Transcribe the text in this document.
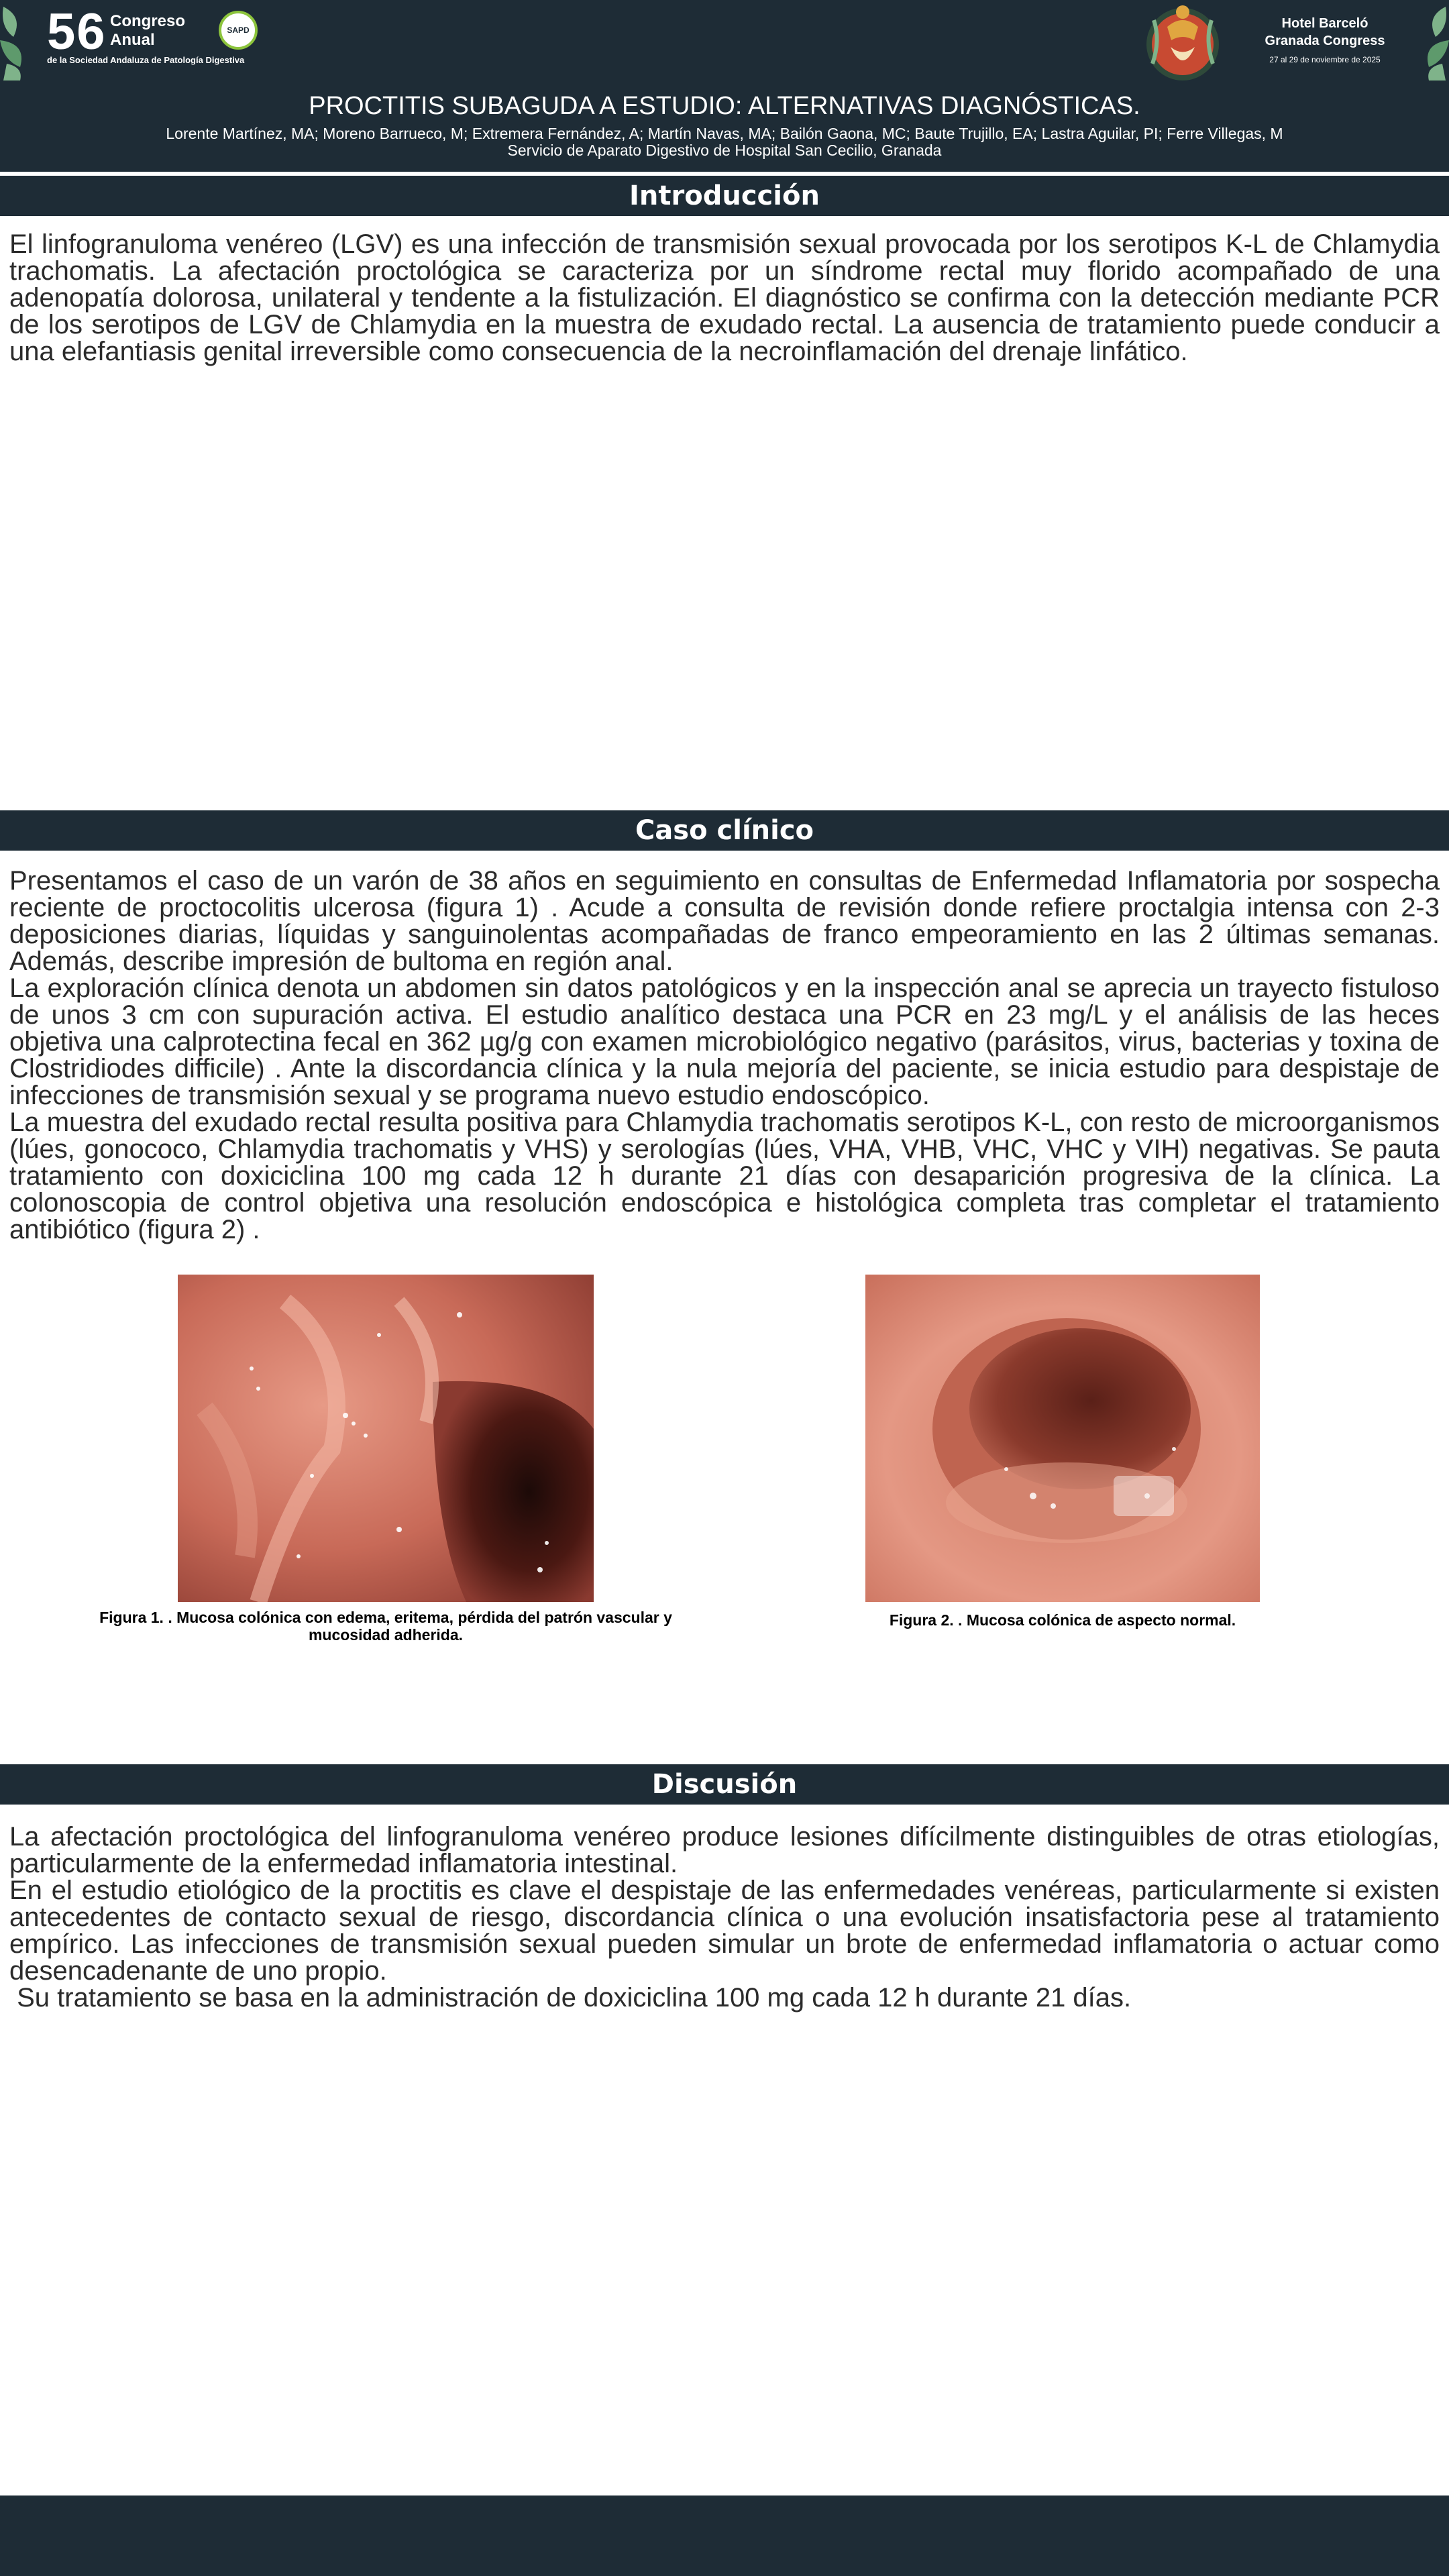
56 Congreso
Anual
de la Sociedad Andaluza de Patología Digestiva
SAPD	Hotel Barceló
Granada Congress
27 al 29 de noviembre de 2025
PROCTITIS SUBAGUDA A ESTUDIO: ALTERNATIVAS DIAGNÓSTICAS.
Lorente Martínez, MA; Moreno Barrueco, M; Extremera Fernández, A; Martín Navas, MA; Bailón Gaona, MC; Baute Trujillo, EA; Lastra Aguilar, PI; Ferre Villegas, M
Servicio de Aparato Digestivo de Hospital San Cecilio, Granada
Introducción

El linfogranuloma venéreo (LGV) es una infección de transmisión sexual provocada por los serotipos K-L de Chlamydia trachomatis. La afectación proctológica se caracteriza por un síndrome rectal muy florido acompañado de una adenopatía dolorosa, unilateral y tendente a la fistulización. El diagnóstico se confirma con la detección mediante PCR de los serotipos de LGV de Chlamydia en la muestra de exudado rectal. La ausencia de tratamiento puede conducir a una elefantiasis genital irreversible como consecuencia de la necroinflamación del drenaje linfático.

Caso clínico

Presentamos el caso de un varón de 38 años en seguimiento en consultas de Enfermedad Inflamatoria por sospecha reciente de proctocolitis ulcerosa (figura 1) . Acude a consulta de revisión donde refiere proctalgia intensa con 2-3 deposiciones diarias, líquidas y sanguinolentas acompañadas de franco empeoramiento en las 2 últimas semanas. Además, describe impresión de bultoma en región anal.

La exploración clínica denota un abdomen sin datos patológicos y en la inspección anal se aprecia un trayecto fistuloso de unos 3 cm con supuración activa. El estudio analítico destaca una PCR en 23 mg/L y el análisis de las heces objetiva una calprotectina fecal en 362 µg/g con examen microbiológico negativo (parásitos, virus, bacterias y toxina de Clostridiodes difficile) . Ante la discordancia clínica y la nula mejoría del paciente, se inicia estudio para despistaje de infecciones de transmisión sexual y se programa nuevo estudio endoscópico.

La muestra del exudado rectal resulta positiva para Chlamydia trachomatis serotipos K-L, con resto de microorganismos (lúes, gonococo, Chlamydia trachomatis y VHS) y serologías (lúes, VHA, VHB, VHC, VHC y VIH) negativas. Se pauta tratamiento con doxiciclina 100 mg cada 12 h durante 21 días con desaparición progresiva de la clínica. La colonoscopia de control objetiva una resolución endoscópica e histológica completa tras completar el tratamiento antibiótico (figura 2) .

Figura 1. . Mucosa colónica con edema, eritema, pérdida del patrón vascular y mucosidad adherida.
Figura 2. . Mucosa colónica de aspecto normal.
Discusión

La afectación proctológica del linfogranuloma venéreo produce lesiones difícilmente distinguibles de otras etiologías, particularmente de la enfermedad inflamatoria intestinal.

En el estudio etiológico de la proctitis es clave el despistaje de las enfermedades venéreas, particularmente si existen antecedentes de contacto sexual de riesgo, discordancia clínica o una evolución insatisfactoria pese al tratamiento empírico. Las infecciones de transmisión sexual pueden simular un brote de enfermedad inflamatoria o actuar como desencadenante de uno propio.

Su tratamiento se basa en la administración de doxiciclina 100 mg cada 12 h durante 21 días.
